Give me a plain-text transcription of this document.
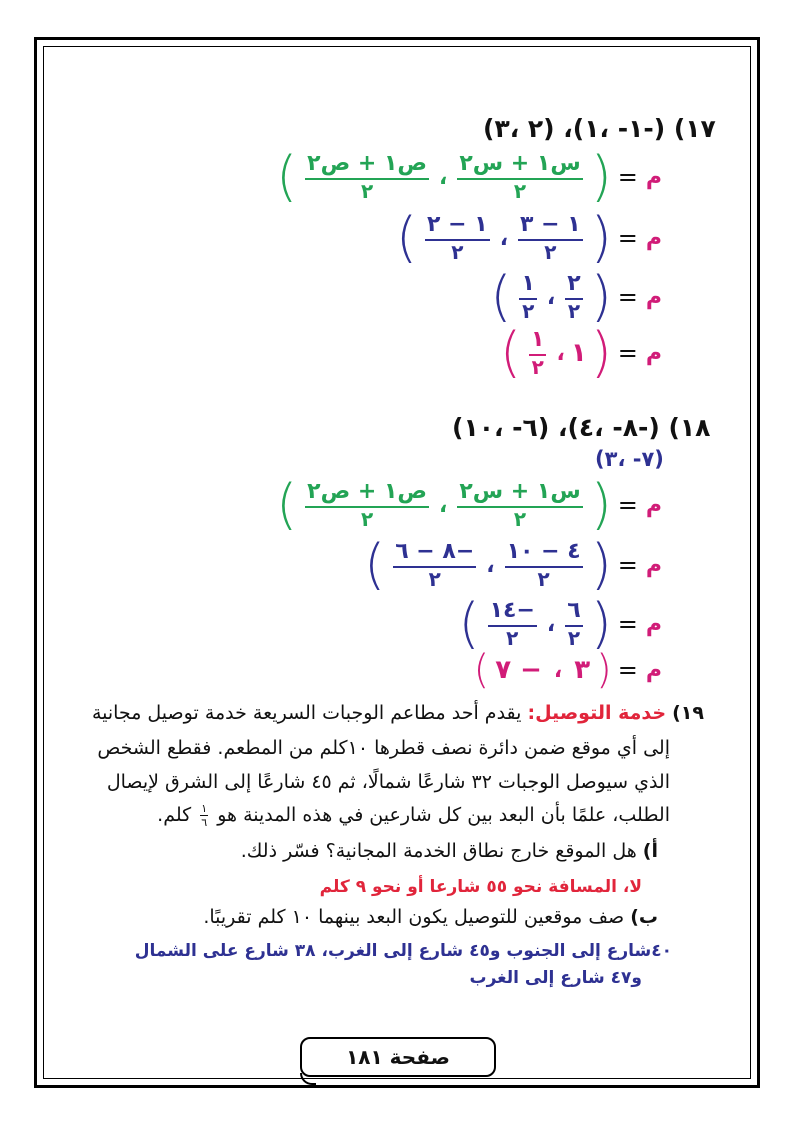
(٢ ،٣) ،(١- ،١-) (١٧
( $\frac{\text{ص١ + ص٢}}{٢}$ ، $\frac{\text{س١ + س٢}}{٢}$ ) = م
( $\frac{١ - ٢}{٢}$ ، $\frac{١ - ٣}{٢}$ ) = م
( $\frac{١}{٢}$ ، $\frac{٢}{٢}$ ) = م
( $\frac{١}{٢}$ ، ١ ) = م
(٦- ،١٠) ،(٨- ،٤-) (١٨
(٧- ،٣)
( $\frac{\text{ص١ + ص٢}}{٢}$ ، $\frac{\text{س١ + س٢}}{٢}$ ) = م
( $\frac{٨ - ٦-}{٢}$ ، $\frac{٤ - ١٠}{٢}$ ) = م
( $\frac{١٤-}{٢}$ ، $\frac{٦}{٢}$ ) = م
( ٧ − ، ٣ ) = م
١٩) خدمة التوصيل: يقدم أحد مطاعم الوجبات السريعة خدمة توصيل مجانية
إلى أي موقع ضمن دائرة نصف قطرها ١٠كلم من المطعم. فقطع الشخص
الذي سيوصل الوجبات ٣٢ شارعًا شمالًا، ثم ٤٥ شارعًا إلى الشرق لإيصال
الطلب، علمًا بأن البعد بين كل شارعين في هذه المدينة هو
$\frac{١}{٦}$
كلم.
أ) هل الموقع خارج نطاق الخدمة المجانية؟ فسّر ذلك.
لا، المسافة نحو ٥٥ شارعا أو نحو ٩ كلم
ب) صف موقعين للتوصيل يكون البعد بينهما ١٠ كلم تقريبًا.
٤٠شارع إلى الجنوب و٤٥ شارع إلى الغرب، ٣٨ شارع على الشمال
و٤٧ شارع إلى الغرب
صفحة ١٨١
